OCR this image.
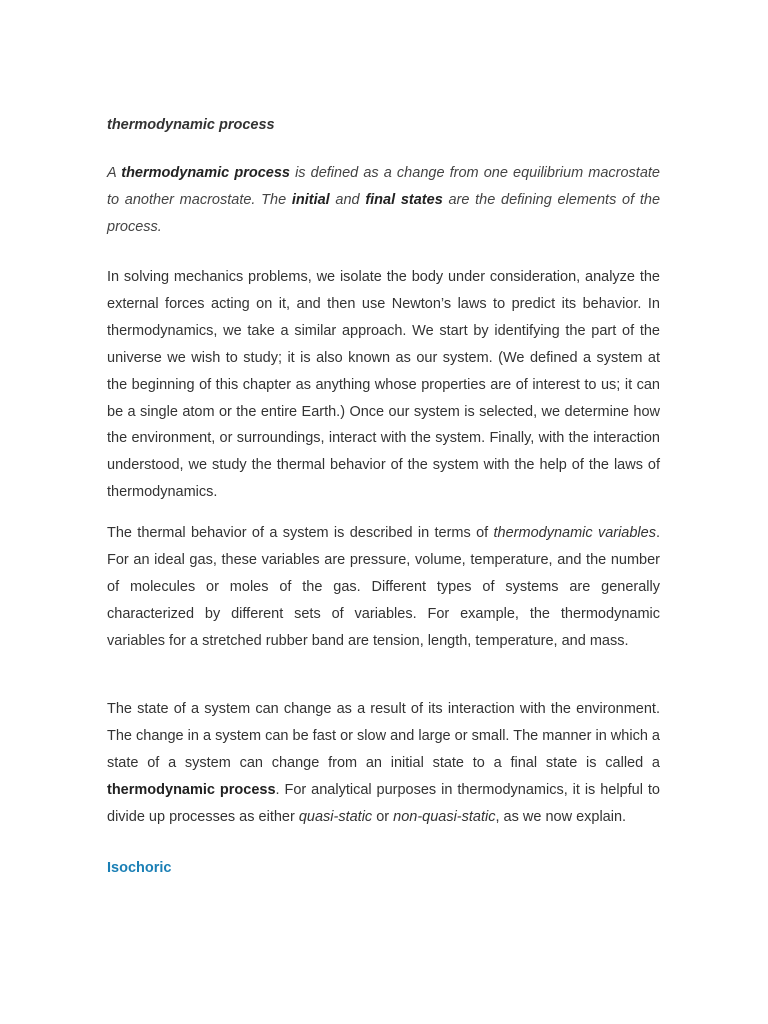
thermodynamic process

A thermodynamic process is defined as a change from one equilibrium macrostate to another macrostate. The initial and final states are the defining elements of the process.

In solving mechanics problems, we isolate the body under consideration, analyze the external forces acting on it, and then use Newton’s laws to predict its behavior. In thermodynamics, we take a similar approach. We start by identifying the part of the universe we wish to study; it is also known as our system. (We defined a system at the beginning of this chapter as anything whose properties are of interest to us; it can be a single atom or the entire Earth.) Once our system is selected, we determine how the environment, or surroundings, interact with the system. Finally, with the interaction understood, we study the thermal behavior of the system with the help of the laws of thermodynamics.

The thermal behavior of a system is described in terms of thermodynamic variables. For an ideal gas, these variables are pressure, volume, temperature, and the number of molecules or moles of the gas. Different types of systems are generally characterized by different sets of variables. For example, the thermodynamic variables for a stretched rubber band are tension, length, temperature, and mass.

The state of a system can change as a result of its interaction with the environment. The change in a system can be fast or slow and large or small. The manner in which a state of a system can change from an initial state to a final state is called a thermodynamic process. For analytical purposes in thermodynamics, it is helpful to divide up processes as either quasi-static or non-quasi-static, as we now explain.

Isochoric
